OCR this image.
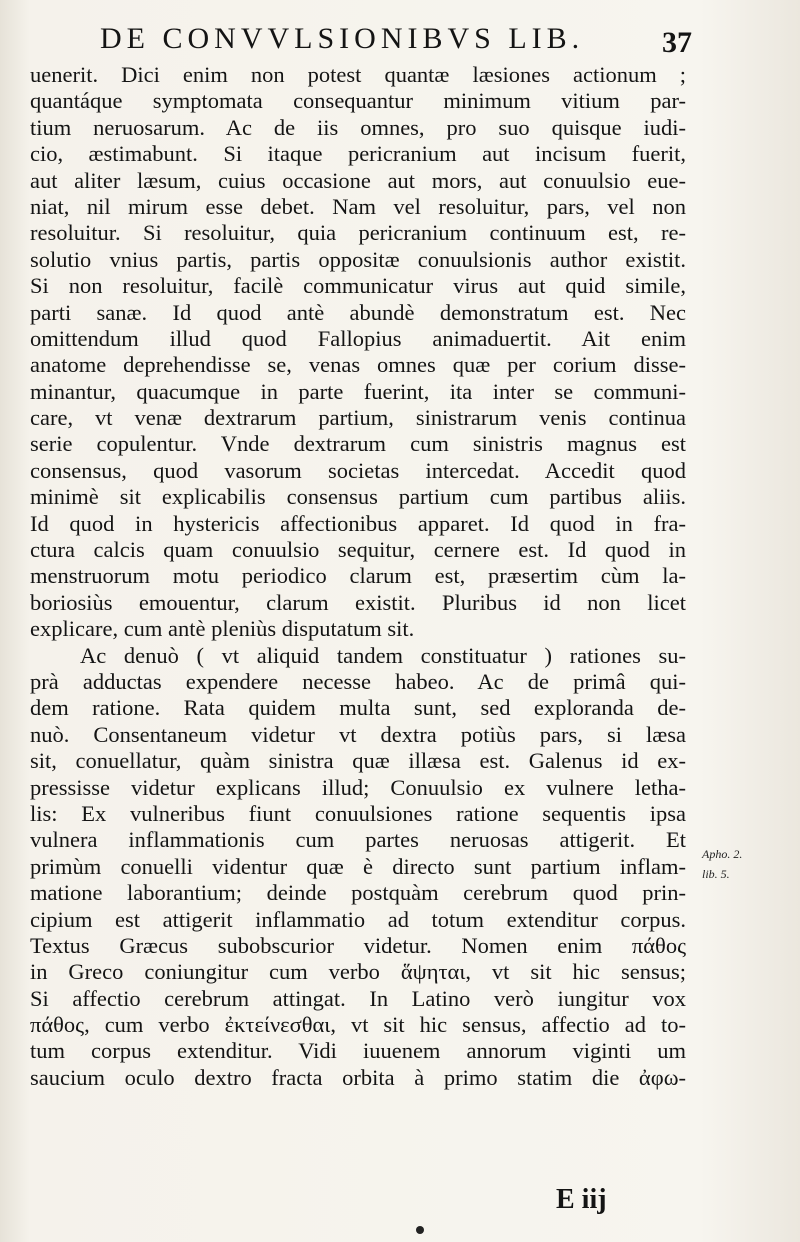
DE CONVVLSIONIBVS LIB.	37
uenerit. Dici enim non potest quantæ læsiones actionum ;
quantáque symptomata consequantur minimum vitium par-
tium neruosarum. Ac de iis omnes, pro suo quisque iudi-
cio, æstimabunt. Si itaque pericranium aut incisum fuerit,
aut aliter læsum, cuius occasione aut mors, aut conuulsio eue-
niat, nil mirum esse debet. Nam vel resoluitur, pars, vel non
resoluitur. Si resoluitur, quia pericranium continuum est, re-
solutio vnius partis, partis oppositæ conuulsionis author existit.
Si non resoluitur, facilè communicatur virus aut quid simile,
parti sanæ. Id quod antè abundè demonstratum est. Nec
omittendum illud quod Fallopius animaduertit. Ait enim
anatome deprehendisse se, venas omnes quæ per corium disse-
minantur, quacumque in parte fuerint, ita inter se communi-
care, vt venæ dextrarum partium, sinistrarum venis continua
serie copulentur. Vnde dextrarum cum sinistris magnus est
consensus, quod vasorum societas intercedat. Accedit quod
minimè sit explicabilis consensus partium cum partibus aliis.
Id quod in hystericis affectionibus apparet. Id quod in fra-
ctura calcis quam conuulsio sequitur, cernere est. Id quod in
menstruorum motu periodico clarum est, præsertim cùm la-
boriosiùs emouentur, clarum existit. Pluribus id non licet
explicare, cum antè pleniùs disputatum sit.
Ac denuò ( vt aliquid tandem constituatur ) rationes su-
prà adductas expendere necesse habeo. Ac de primâ qui-
dem ratione. Rata quidem multa sunt, sed exploranda de-
nuò. Consentaneum videtur vt dextra potiùs pars, si læsa
sit, conuellatur, quàm sinistra quæ illæsa est. Galenus id ex-
pressisse videtur explicans illud; Conuulsio ex vulnere letha-
lis: Ex vulneribus fiunt conuulsiones ratione sequentis ipsa
vulnera inflammationis cum partes neruosas attigerit. Et
primùm conuelli videntur quæ è directo sunt partium inflam-
matione laborantium; deinde postquàm cerebrum quod prin-
cipium est attigerit inflammatio ad totum extenditur corpus.
Textus Græcus subobscurior videtur. Nomen enim πάθος
in Greco coniungitur cum verbo ἅψηται, vt sit hic sensus;
Si affectio cerebrum attingat. In Latino verò iungitur vox
πάθος, cum verbo ἐκτείνεσθαι, vt sit hic sensus, affectio ad to-
tum corpus extenditur. Vidi iuuenem annorum viginti um
saucium oculo dextro fracta orbita à primo statim die ἀφω-
Apho. 2.
lib. 5.
E iij
